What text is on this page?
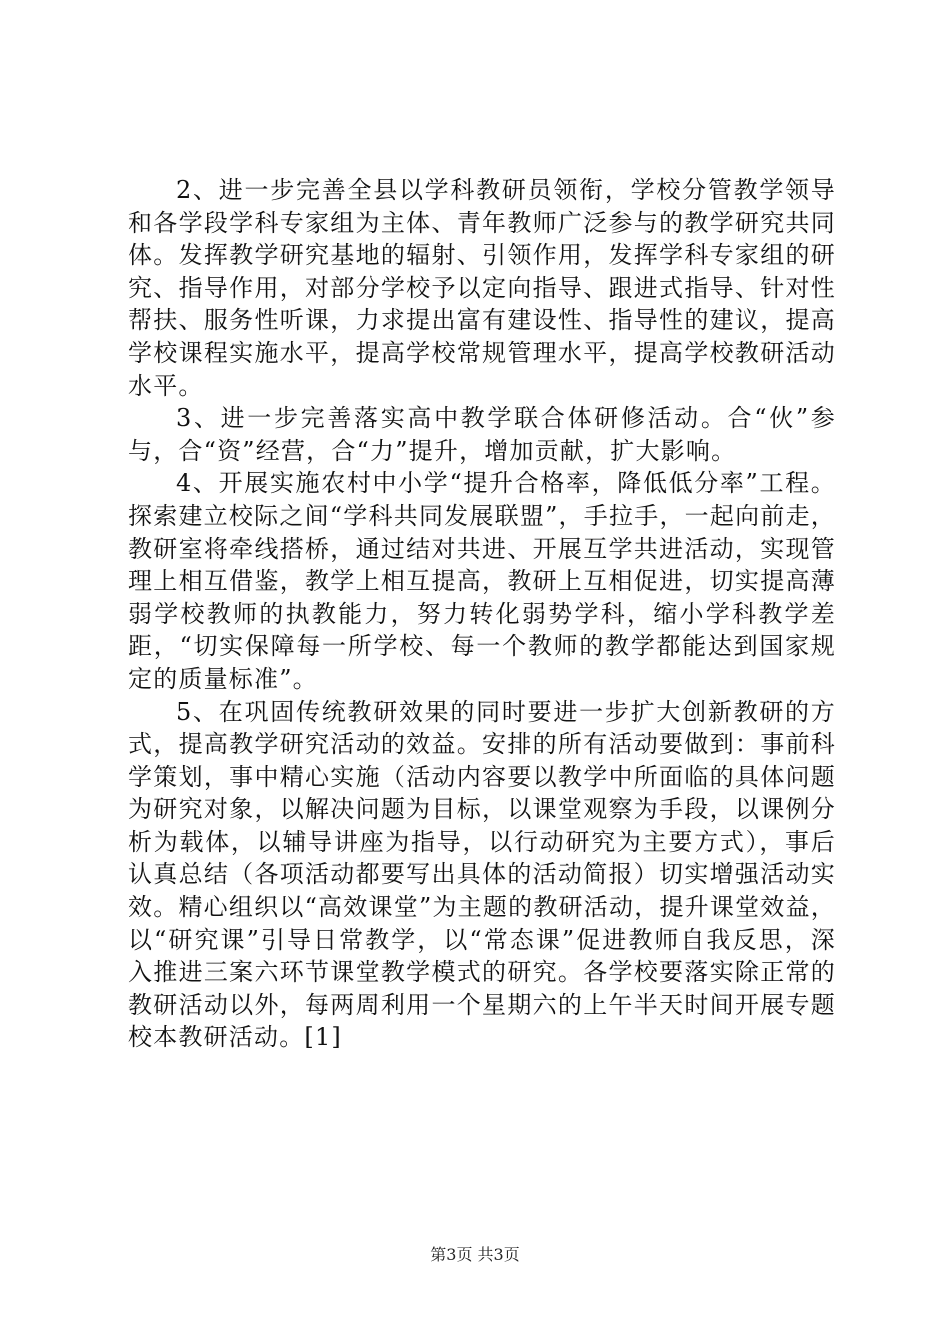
2、进一步完善全县以学科教研员领衔，学校分管教学领导和各学段学科专家组为主体、青年教师广泛参与的教学研究共同体。发挥教学研究基地的辐射、引领作用，发挥学科专家组的研究、指导作用，对部分学校予以定向指导、跟进式指导、针对性帮扶、服务性听课，力求提出富有建设性、指导性的建议，提高学校课程实施水平，提高学校常规管理水平，提高学校教研活动水平。

3、进一步完善落实高中教学联合体研修活动。合“伙”参与，合“资”经营，合“力”提升，增加贡献，扩大影响。

4、开展实施农村中小学“提升合格率，降低低分率”工程。探索建立校际之间“学科共同发展联盟”，手拉手，一起向前走，教研室将牵线搭桥，通过结对共进、开展互学共进活动，实现管理上相互借鉴，教学上相互提高，教研上互相促进，切实提高薄弱学校教师的执教能力，努力转化弱势学科，缩小学科教学差距，“切实保障每一所学校、每一个教师的教学都能达到国家规定的质量标准”。

5、在巩固传统教研效果的同时要进一步扩大创新教研的方式，提高教学研究活动的效益。安排的所有活动要做到：事前科学策划，事中精心实施（活动内容要以教学中所面临的具体问题为研究对象，以解决问题为目标，以课堂观察为手段，以课例分析为载体，以辅导讲座为指导，以行动研究为主要方式），事后认真总结（各项活动都要写出具体的活动简报）切实增强活动实效。精心组织以“高效课堂”为主题的教研活动，提升课堂效益，以“研究课”引导日常教学，以“常态课”促进教师自我反思，深入推进三案六环节课堂教学模式的研究。各学校要落实除正常的教研活动以外，每两周利用一个星期六的上午半天时间开展专题校本教研活动。[1]

第3页 共3页
